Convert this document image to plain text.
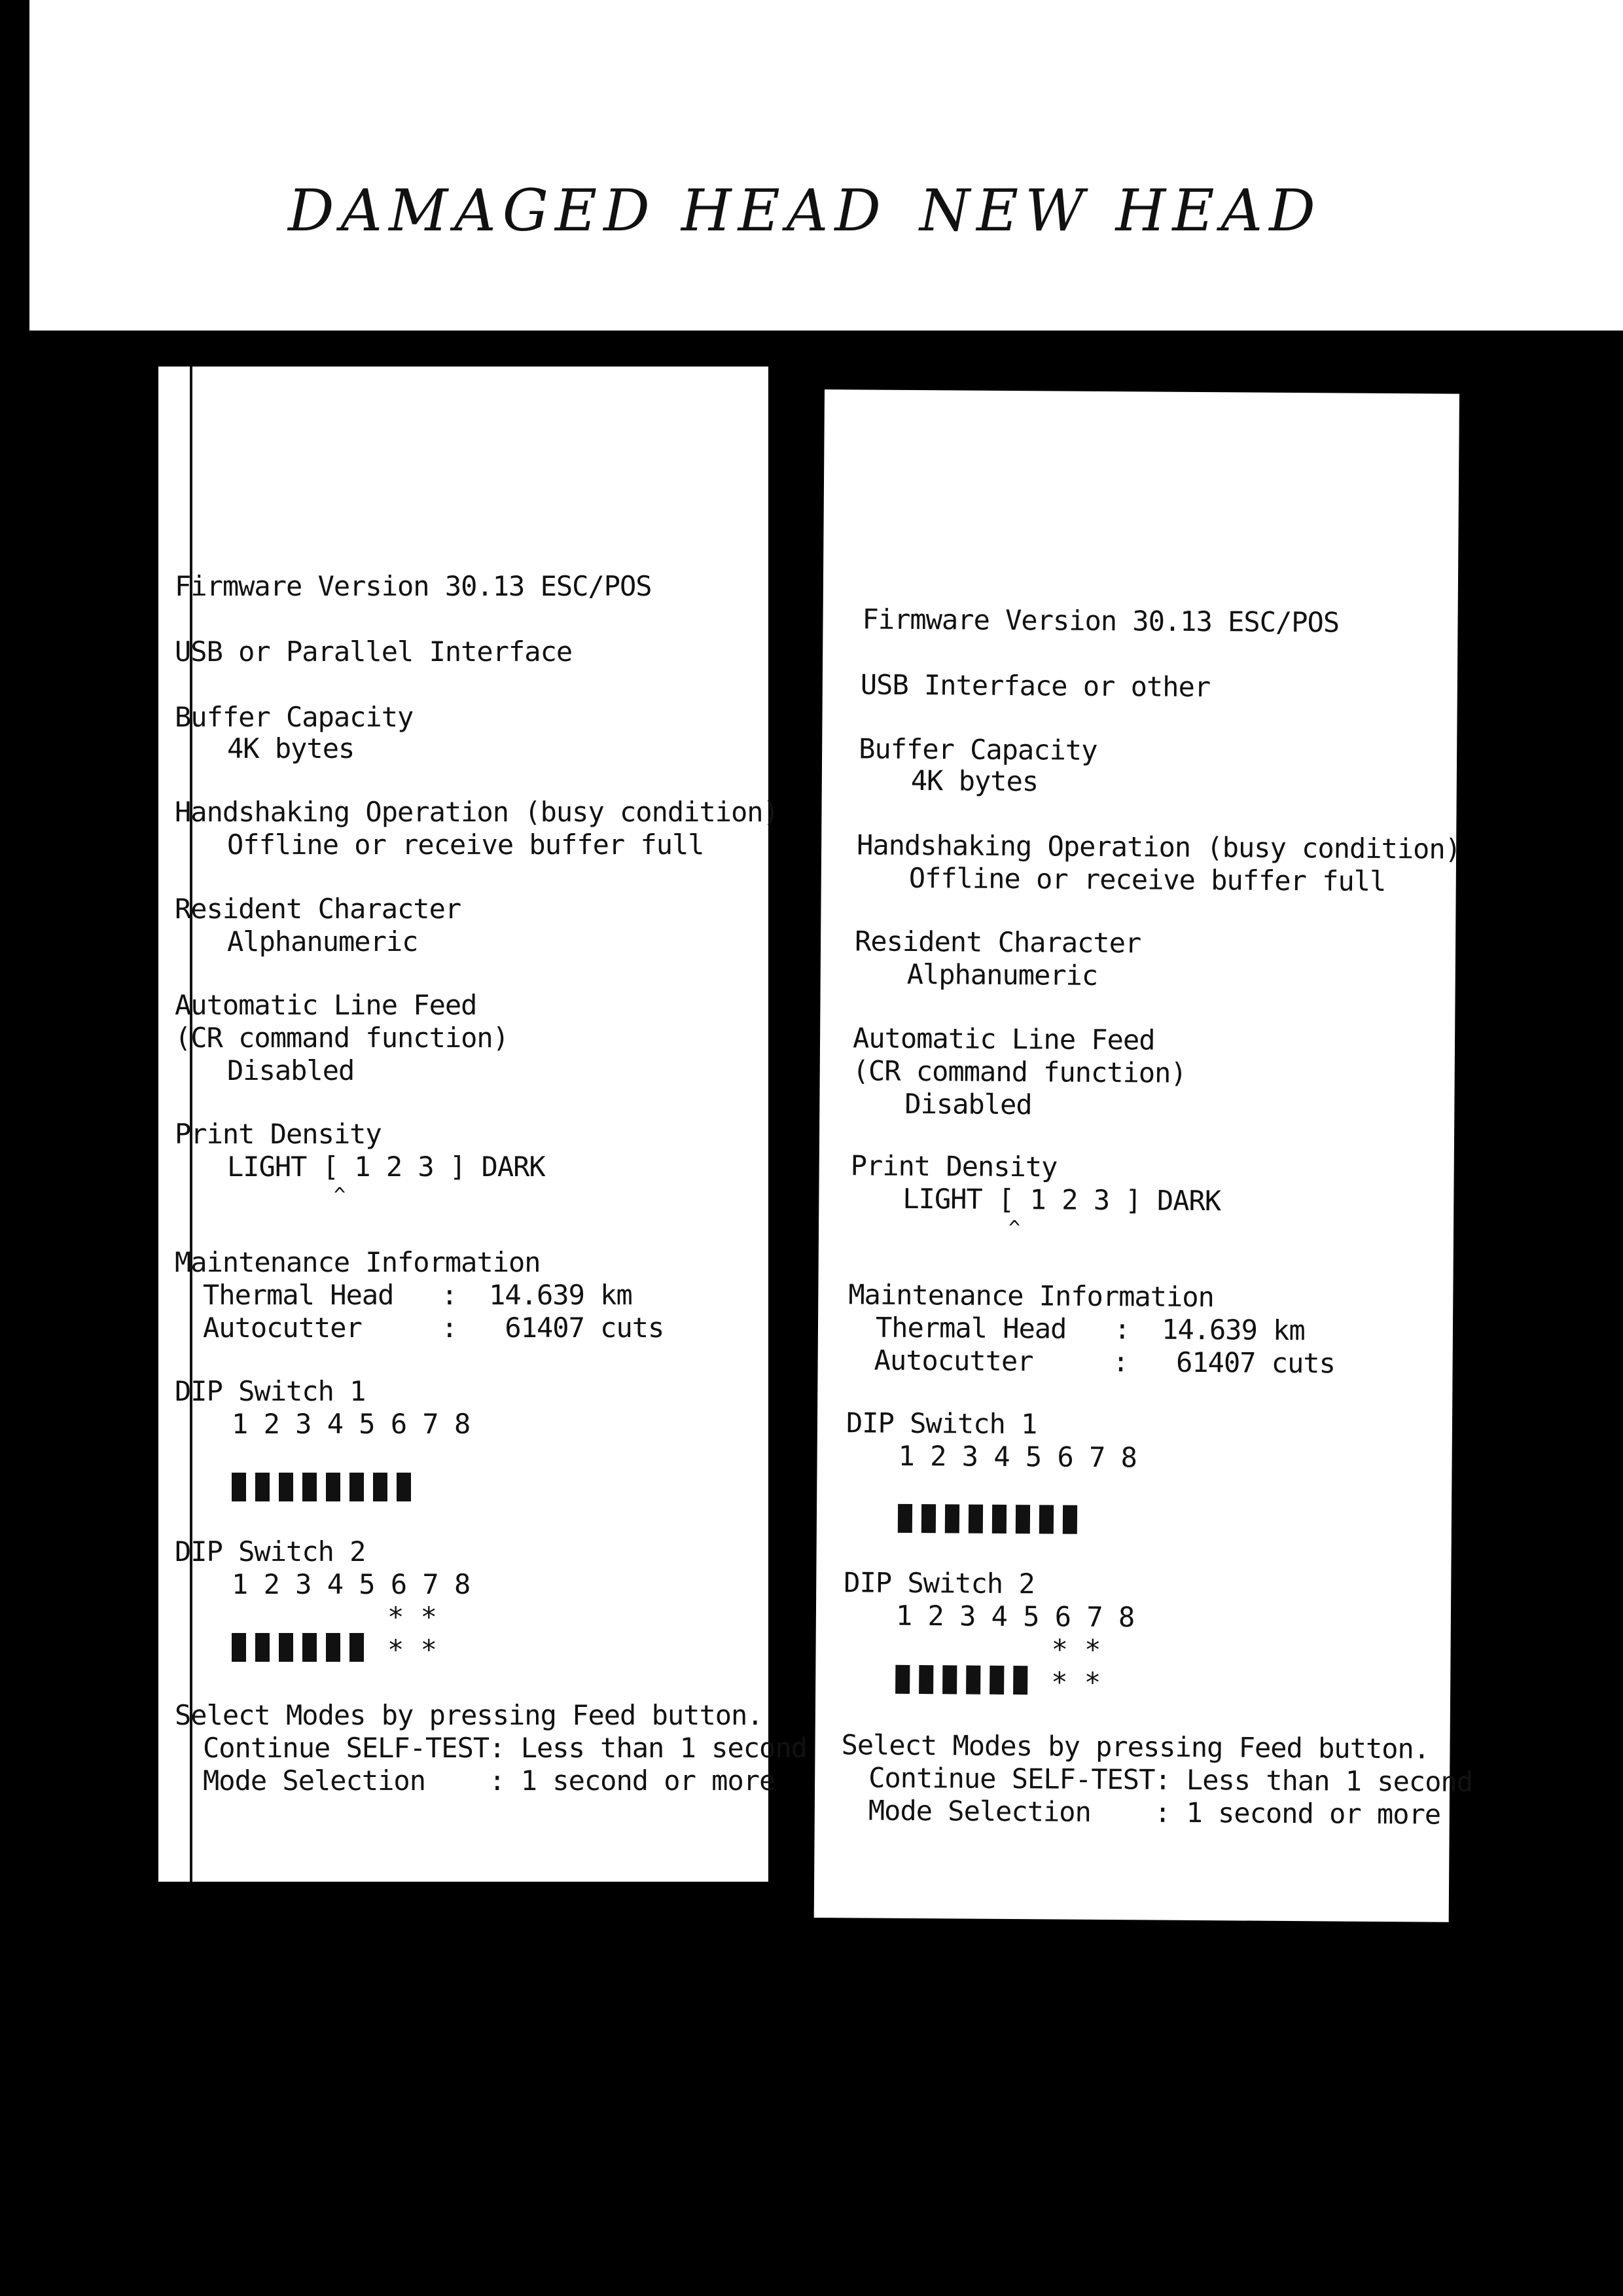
DAMAGED HEAD NEW HEAD
Firmware Version 30.13 ESC/POS
USB or Parallel Interface
Buffer Capacity
4K bytes
Handshaking Operation (busy condition)
Offline or receive buffer full
Resident Character
Alphanumeric
Automatic Line Feed
(CR command function)
Disabled
Print Density
LIGHT [ 1 2 3 ] DARK
^
Maintenance Information
Thermal Head   :  14.639 km
Autocutter     :   61407 cuts
DIP Switch 1
1 2 3 4 5 6 7 8
DIP Switch 2
1 2 3 4 5 6 7 8
* *
* *
Select Modes by pressing Feed button.
Continue SELF-TEST: Less than 1 second
Mode Selection    : 1 second or more
Firmware Version 30.13 ESC/POS
USB Interface or other
Buffer Capacity
4K bytes
Handshaking Operation (busy condition)
Offline or receive buffer full
Resident Character
Alphanumeric
Automatic Line Feed
(CR command function)
Disabled
Print Density
LIGHT [ 1 2 3 ] DARK
^
Maintenance Information
Thermal Head   :  14.639 km
Autocutter     :   61407 cuts
DIP Switch 1
1 2 3 4 5 6 7 8
DIP Switch 2
1 2 3 4 5 6 7 8
* *
* *
Select Modes by pressing Feed button.
Continue SELF-TEST: Less than 1 second
Mode Selection    : 1 second or more
